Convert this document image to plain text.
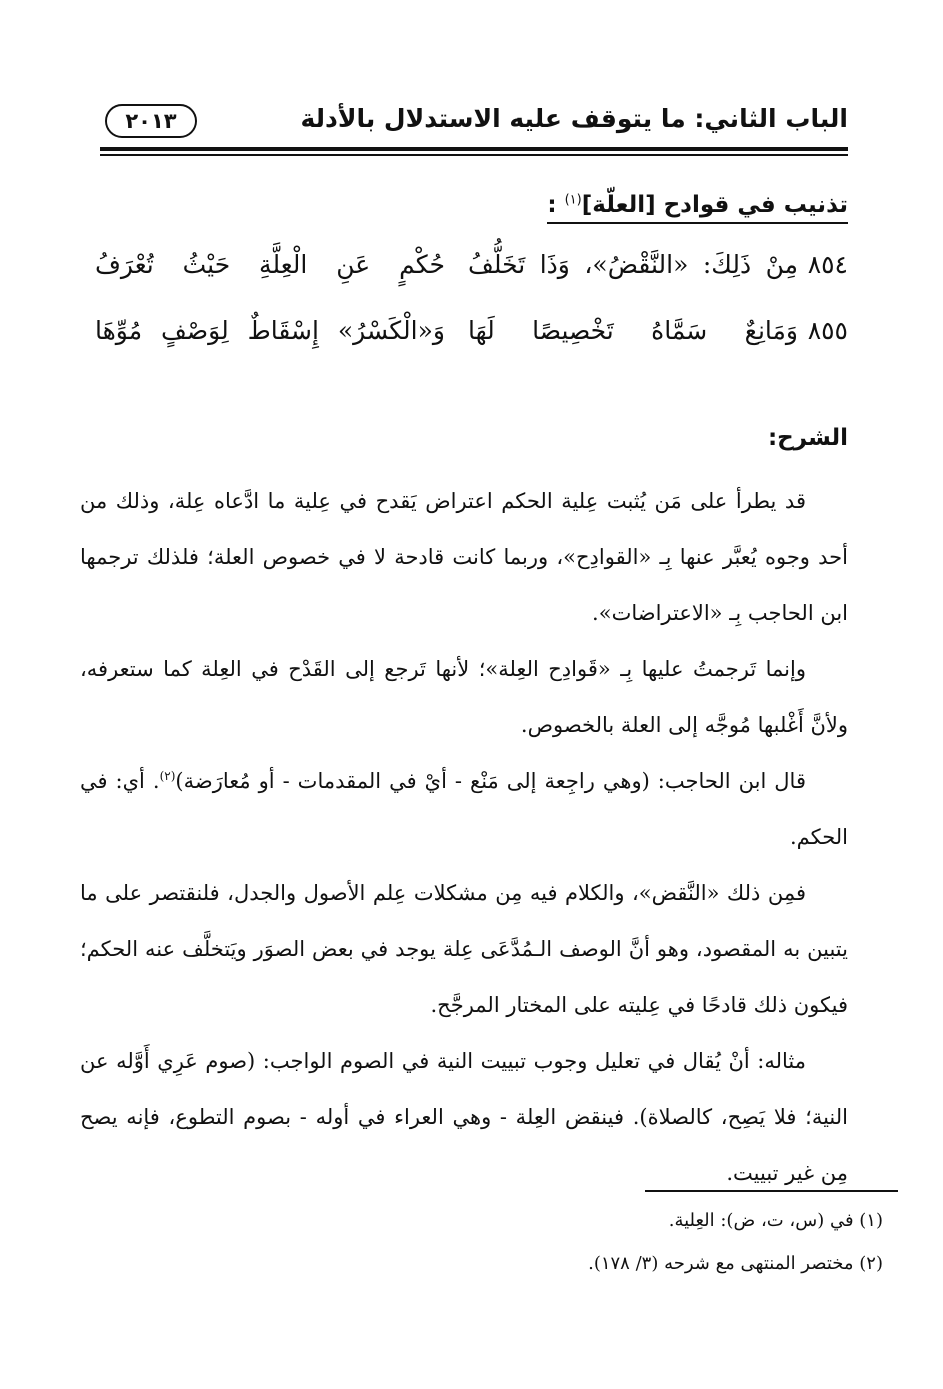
الباب الثاني: ما يتوقف عليه الاستدلال بالأدلة
٢٠١٣
تذنيب في قوادح [العلّة]$^{(١)}$ :
٨٥٤
مِنْ ذَلِكَ: «النَّقْضُ»، وَذَا تَخَلُّفُ
حُكْمٍ عَنِ الْعِلَّةِ حَيْثُ تُعْرَفُ
٨٥٥
وَمَانِعٌ سَمَّاهُ تَخْصِيصًا لَهَا
وَ«الْكَسْرُ» إِسْقَاطٌ لِوَصْفٍ مُوِّهَا
الشرح:

قد يطرأ على مَن يُثبت عِلية الحكم اعتراض يَقدح في عِلية ما ادَّعاه عِلة، وذلك من أحد وجوه يُعبَّر عنها بِـ «القوادِح»، وربما كانت قادحة لا في خصوص العلة؛ فلذلك ترجمها ابن الحاجب بِـ «الاعتراضات».

وإنما تَرجمتُ عليها بِـ «قَوادِح العِلة»؛ لأنها تَرجع إلى القَدْح في العِلة كما ستعرفه، ولأنَّ أَغْلبها مُوجَّه إلى العلة بالخصوص.

قال ابن الحاجب: (وهي راجِعة إلى مَنْع - أيْ في المقدمات - أو مُعارَضة)$^{(٢)}$. أي: في الحكم.

فمِن ذلك «النَّقض»، والكلام فيه مِن مشكلات عِلم الأصول والجدل، فلنقتصر على ما يتبين به المقصود، وهو أنَّ الوصف الـمُدَّعَى عِلة يوجد في بعض الصوَر ويَتخلَّف عنه الحكم؛ فيكون ذلك قادحًا في عِليته على المختار المرجَّح.

مثاله: أنْ يُقال في تعليل وجوب تبييت النية في الصوم الواجب: (صوم عَرِي أَوَّله عن النية؛ فلا يَصِح، كالصلاة). فينقض العِلة - وهي العراء في أوله - بصوم التطوع، فإنه يصح مِن غير تبييت.

(١) في (س، ت، ض): العِلية.
(٢) مختصر المنتهى مع شرحه (٣/ ١٧٨).
